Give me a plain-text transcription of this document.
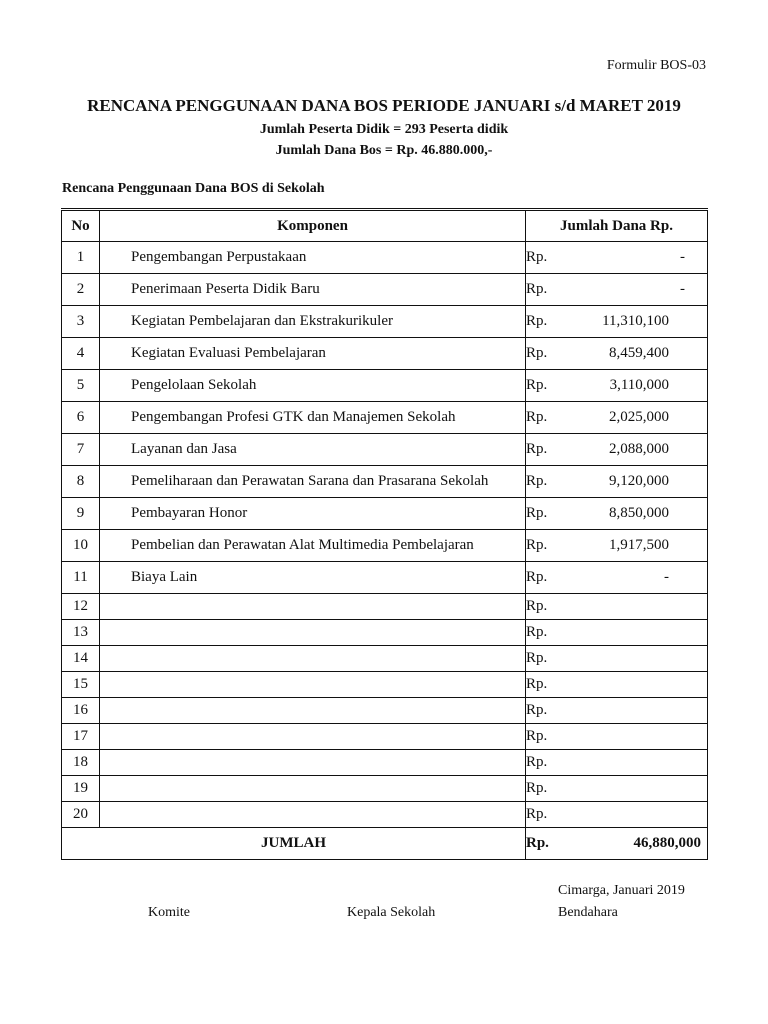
Formulir BOS-03
RENCANA PENGGUNAAN DANA BOS PERIODE JANUARI s/d MARET 2019
Jumlah Peserta Didik = 293 Peserta didik
Jumlah Dana Bos = Rp. 46.880.000,-
Rencana Penggunaan Dana BOS di Sekolah
No	Komponen	Jumlah Dana Rp.	
1	Pengembangan Perpustakaan	Rp.	-
2	Penerimaan Peserta Didik Baru	Rp.	-
3	Kegiatan Pembelajaran dan Ekstrakurikuler	Rp.	11,310,100
4	Kegiatan Evaluasi Pembelajaran	Rp.	8,459,400
5	Pengelolaan Sekolah	Rp.	3,110,000
6	Pengembangan Profesi GTK dan Manajemen Sekolah	Rp.	2,025,000
7	Layanan dan Jasa	Rp.	2,088,000
8	Pemeliharaan dan Perawatan Sarana dan Prasarana Sekolah	Rp.	9,120,000
9	Pembayaran Honor	Rp.	8,850,000
10	Pembelian dan Perawatan Alat Multimedia Pembelajaran	Rp.	1,917,500
11	Biaya Lain	Rp.	-
12		Rp.	
13		Rp.	
14		Rp.	
15		Rp.	
16		Rp.	
17		Rp.	
18		Rp.	
19		Rp.	
20		Rp.	
JUMLAH		Rp.	46,880,000
Cimarga, Januari 2019
Komite	Kepala Sekolah	Bendahara
